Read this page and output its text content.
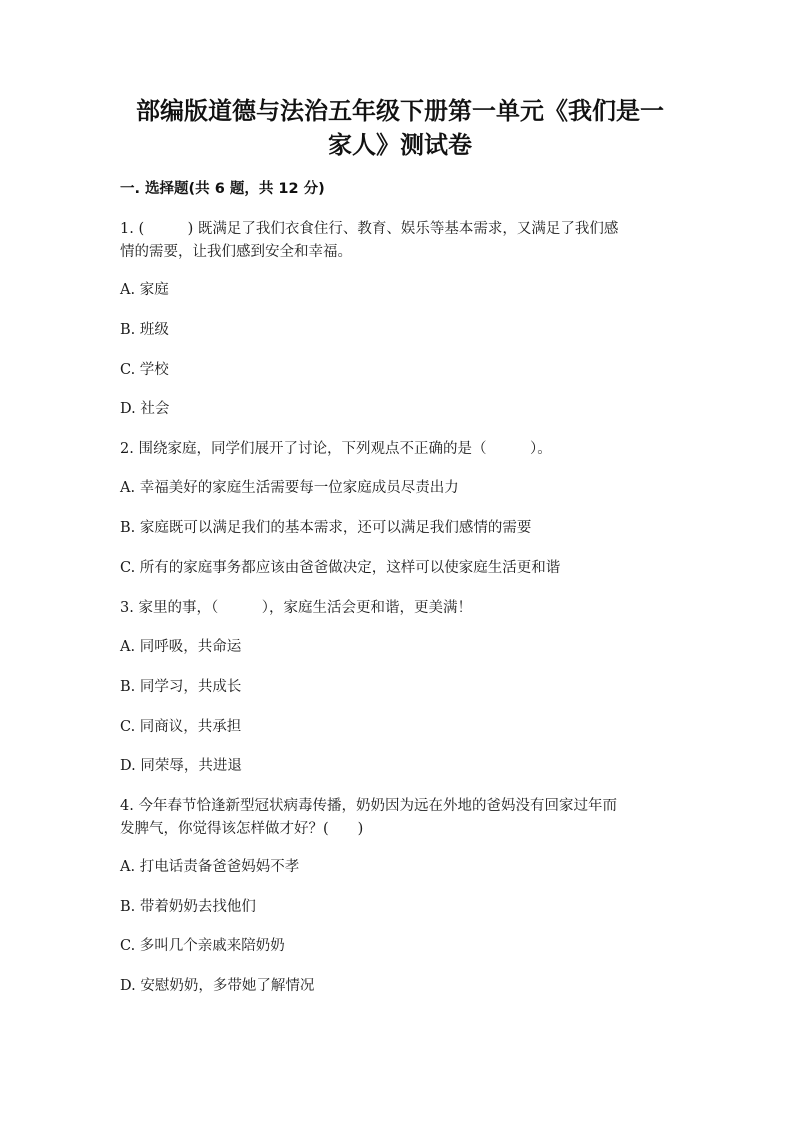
部编版道德与法治五年级下册第一单元《我们是一
家人》测试卷
一. 选择题(共 6 题，共 12 分)
1. (　　　) 既满足了我们衣食住行、教育、娱乐等基本需求，又满足了我们感
情的需要，让我们感到安全和幸福。
A. 家庭
B. 班级
C. 学校
D. 社会
2. 围绕家庭，同学们展开了讨论，下列观点不正确的是（　　　）。
A. 幸福美好的家庭生活需要每一位家庭成员尽责出力
B. 家庭既可以满足我们的基本需求，还可以满足我们感情的需要
C. 所有的家庭事务都应该由爸爸做决定，这样可以使家庭生活更和谐
3. 家里的事，（　　　），家庭生活会更和谐，更美满！
A. 同呼吸，共命运
B. 同学习，共成长
C. 同商议，共承担
D. 同荣辱，共进退
4. 今年春节恰逢新型冠状病毒传播，奶奶因为远在外地的爸妈没有回家过年而
发脾气，你觉得该怎样做才好？(　　)
A. 打电话责备爸爸妈妈不孝
B. 带着奶奶去找他们
C. 多叫几个亲戚来陪奶奶
D. 安慰奶奶，多带她了解情况
